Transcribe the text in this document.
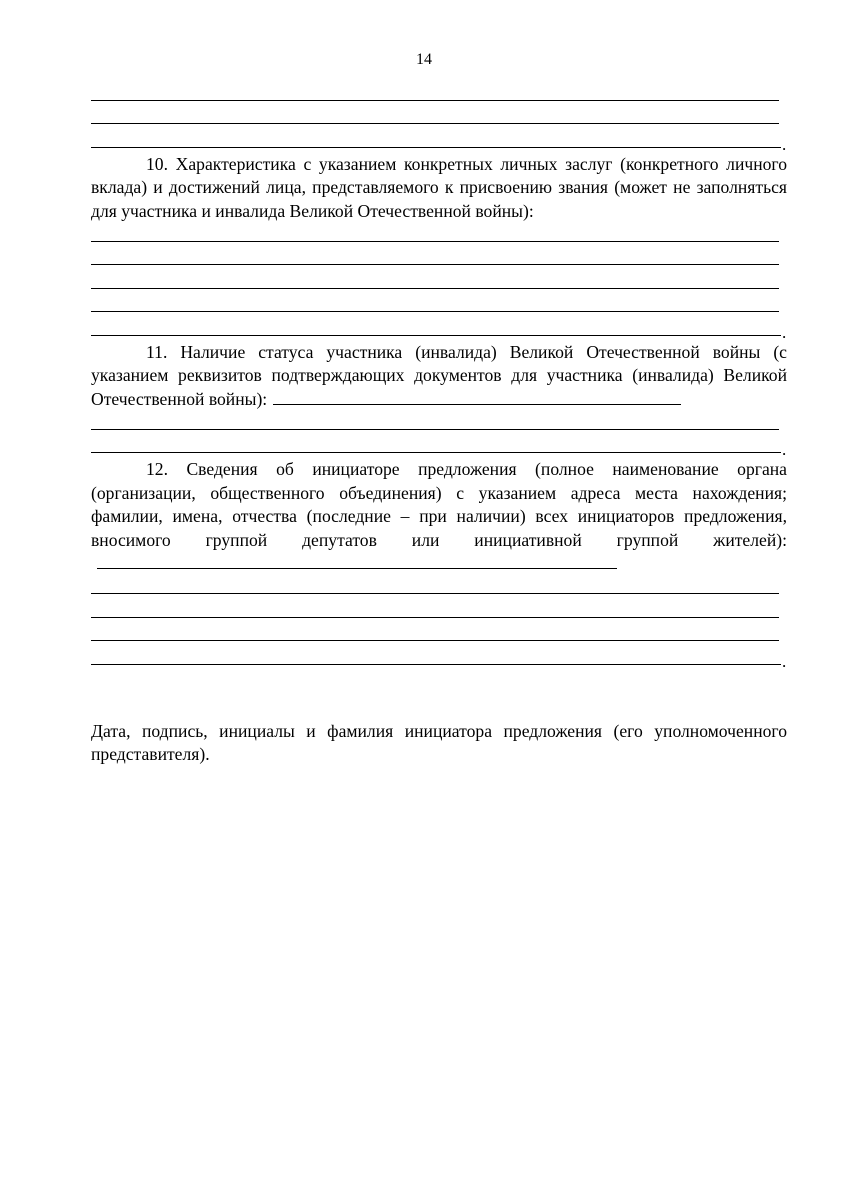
14
.

10. Характеристика с указанием конкретных личных заслуг (конкретного личного вклада) и достижений лица, представляемого к присвоению звания (может не заполняться для участника и инвалида Великой Отечественной войны):

.

11. Наличие статуса участника (инвалида) Великой Отечественной войны (с указанием реквизитов подтверждающих документов для участника (инвалида) Великой Отечественной войны):

.

12. Сведения об инициаторе предложения (полное наименование органа (организации, общественного объединения) с указанием адреса места нахождения; фамилии, имена, отчества (последние – при наличии) всех инициаторов предложения, вносимого группой депутатов или инициативной группой жителей):

.

Дата, подпись, инициалы и фамилия инициатора предложения (его уполномоченного представителя).
